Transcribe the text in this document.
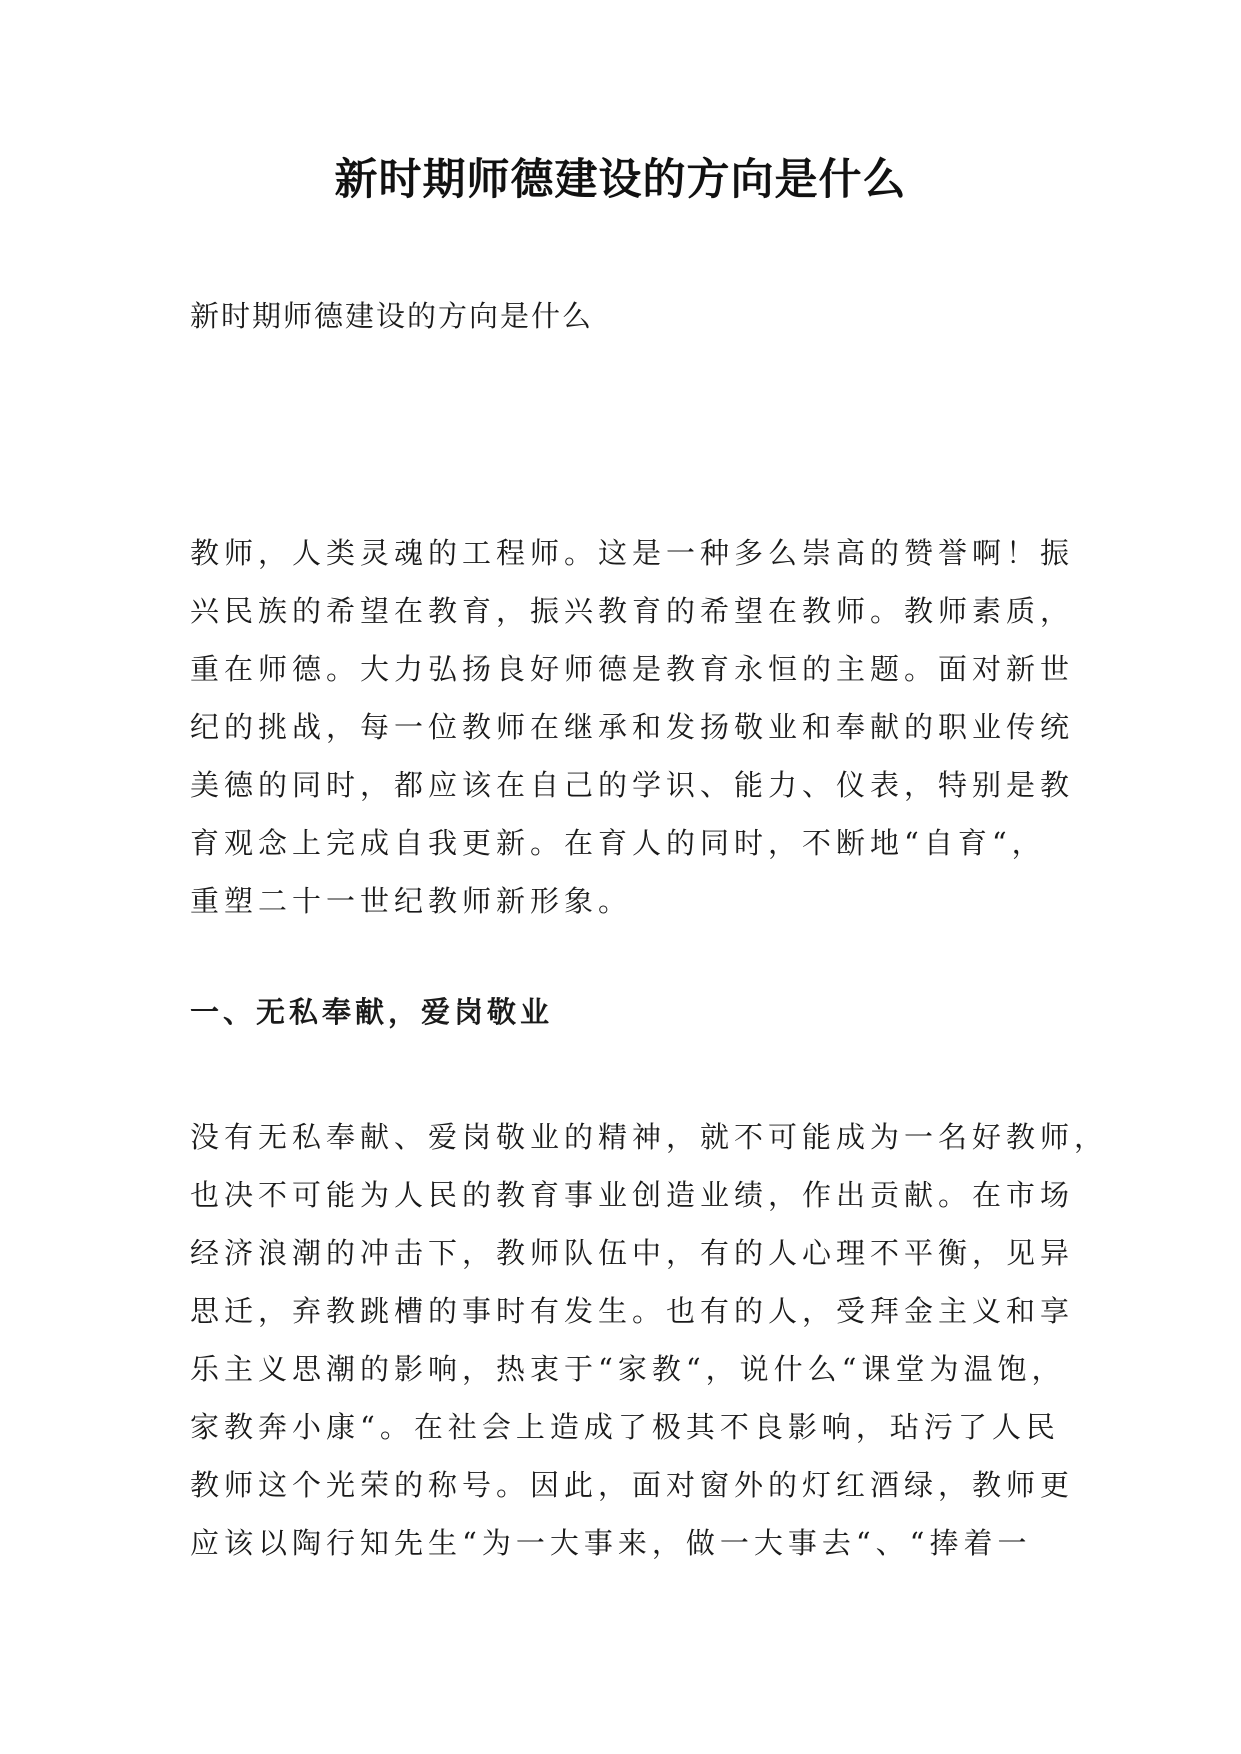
新时期师德建设的方向是什么

新时期师德建设的方向是什么

教师，人类灵魂的工程师。这是一种多么崇高的赞誉啊！振
兴民族的希望在教育，振兴教育的希望在教师。教师素质，
重在师德。大力弘扬良好师德是教育永恒的主题。面对新世
纪的挑战，每一位教师在继承和发扬敬业和奉献的职业传统
美德的同时，都应该在自己的学识、能力、仪表，特别是教
育观念上完成自我更新。在育人的同时，不断地“自育“，
重塑二十一世纪教师新形象。

一、无私奉献，爱岗敬业

没有无私奉献、爱岗敬业的精神，就不可能成为一名好教师，
也决不可能为人民的教育事业创造业绩，作出贡献。在市场
经济浪潮的冲击下，教师队伍中，有的人心理不平衡，见异
思迁，弃教跳槽的事时有发生。也有的人，受拜金主义和享
乐主义思潮的影响，热衷于“家教“，说什么“课堂为温饱，
家教奔小康“。在社会上造成了极其不良影响，玷污了人民
教师这个光荣的称号。因此，面对窗外的灯红酒绿，教师更
应该以陶行知先生“为一大事来，做一大事去“、“捧着一
